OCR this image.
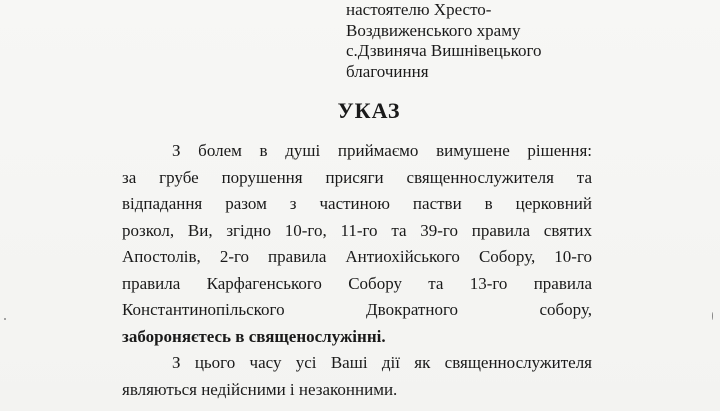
настоятелю Хресто-
Воздвиженського храму
с.Дзвиняча Вишнівецького
благочиння
УКАЗ
З болем в душі приймаємо вимушене рішення:
за грубе порушення присяги священнослужителя та
відпадання разом з частиною пастви в церковний
розкол, Ви, згідно 10-го, 11-го та 39-го правила святих
Апостолів, 2-го правила Антиохійського Собору, 10-го
правила Карфагенського Собору та 13-го правила
Константинопільского Двократного собору,
забороняєтесь в священослужінні.
З цього часу усі Ваші дії як священнослужителя
являються недійсними і незаконними.
